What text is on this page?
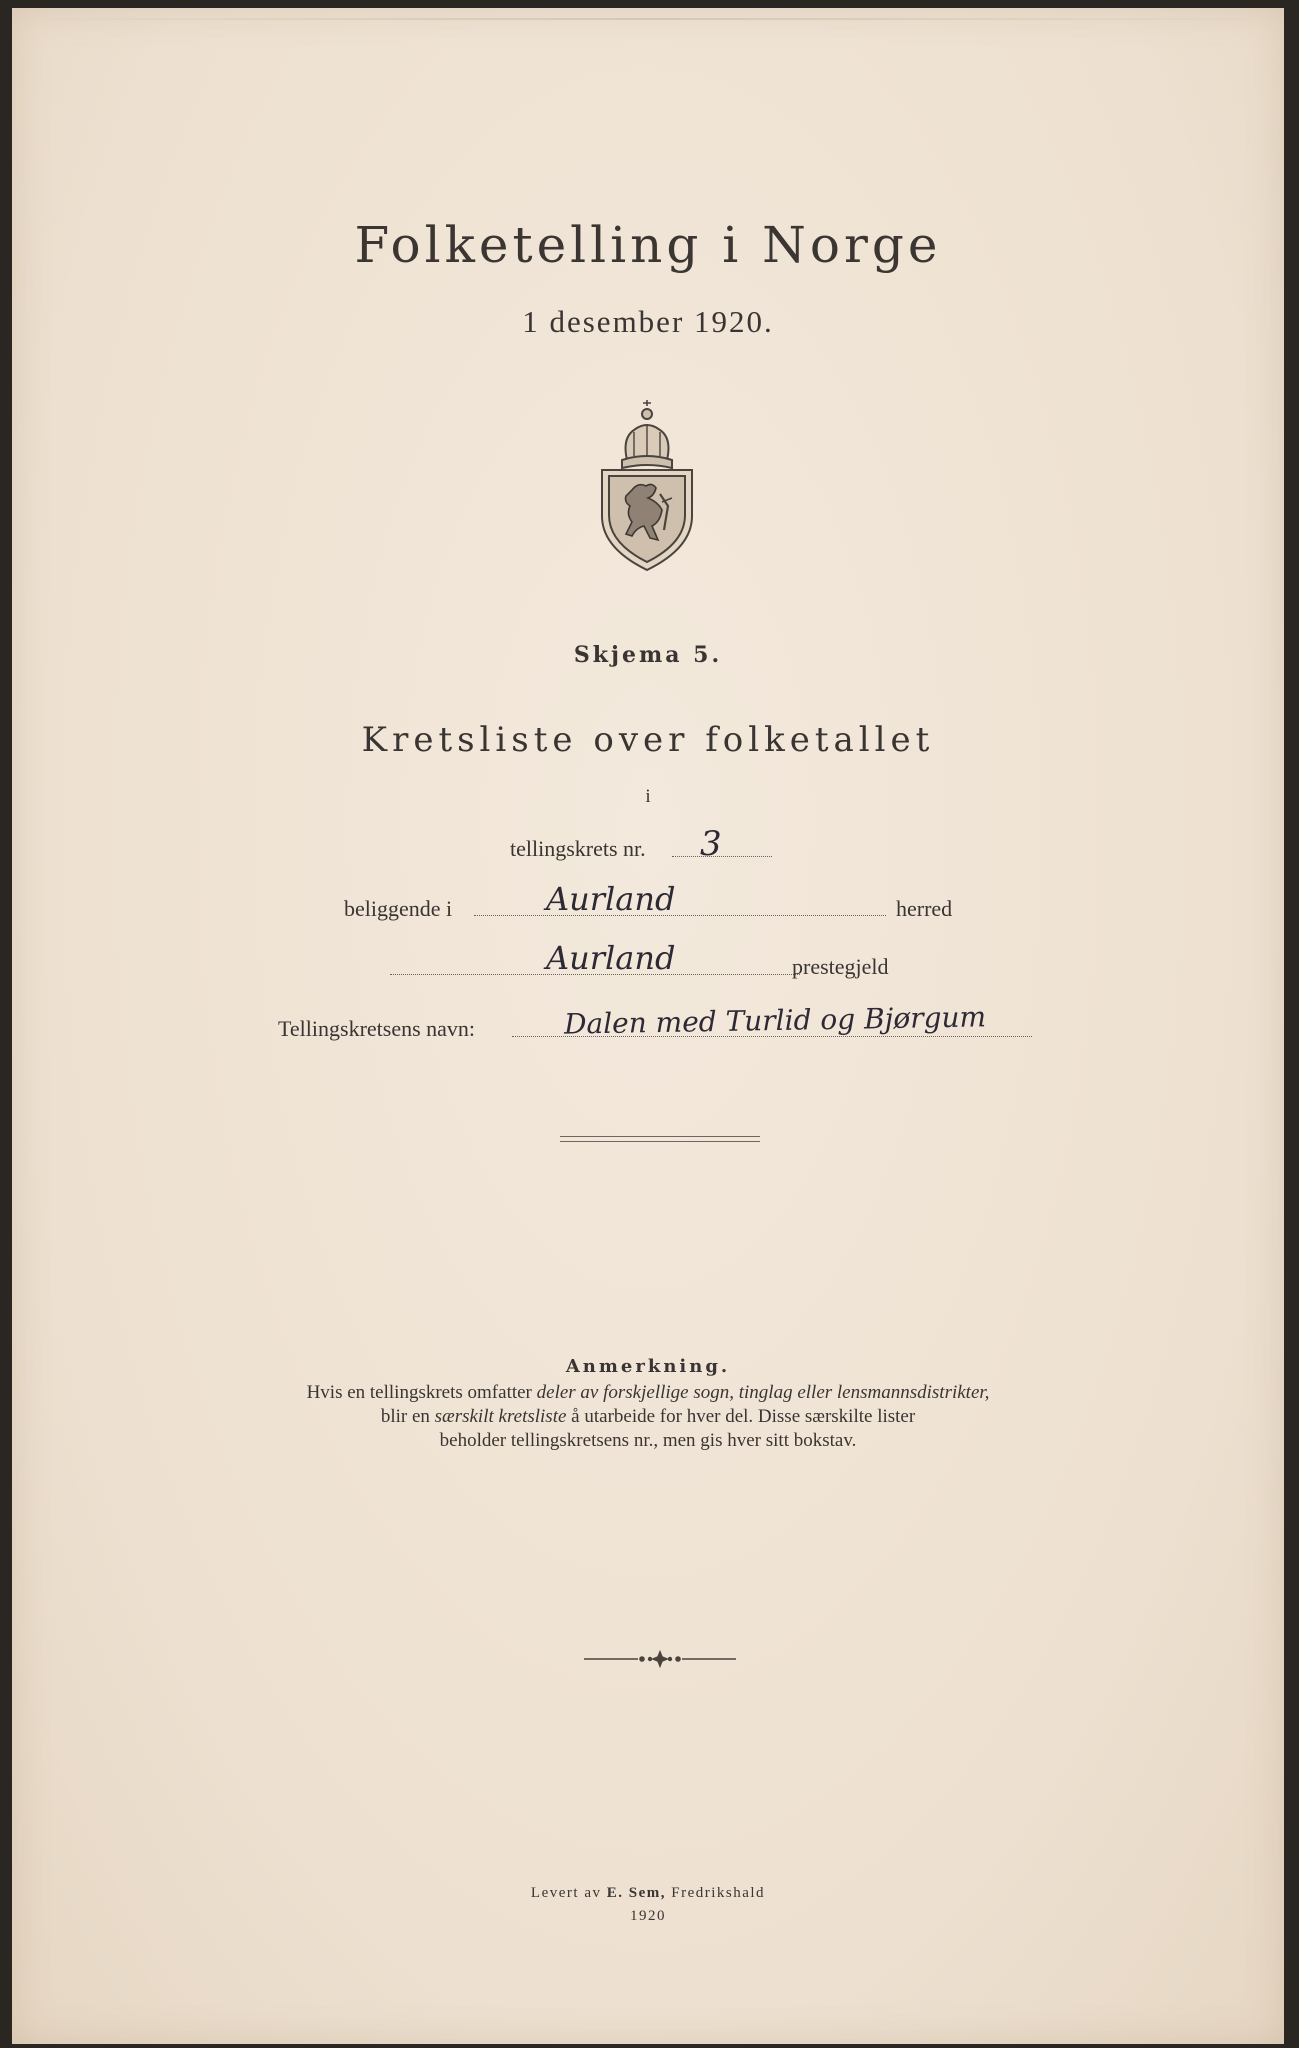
Folketelling i Norge
1 desember 1920.
Skjema 5.
Kretsliste over folketallet
i
tellingskrets nr. 3
beliggende i	Aurland	herred
Aurland	prestegjeld
Tellingskretsens navn:	Dalen med Turlid og Bjørgum
Anmerkning.
Hvis en tellingskrets omfatter deler av forskjellige sogn, tinglag eller lensmannsdistrikter,
blir en særskilt kretsliste å utarbeide for hver del. Disse særskilte lister
beholder tellingskretsens nr., men gis hver sitt bokstav.
Levert av E. Sem, Fredrikshald
1920
